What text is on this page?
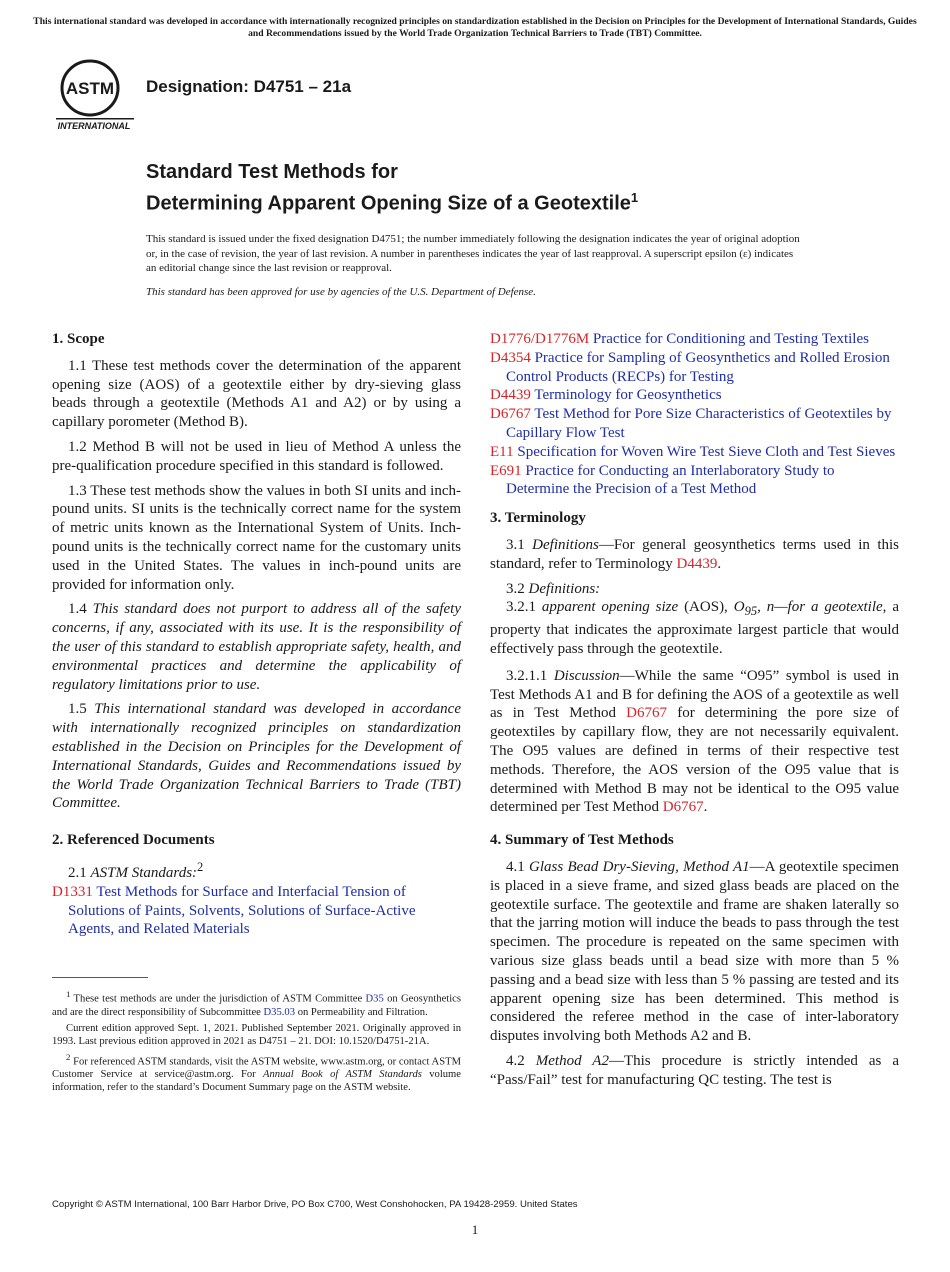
This international standard was developed in accordance with internationally recognized principles on standardization established in the Decision on Principles for the Development of International Standards, Guides and Recommendations issued by the World Trade Organization Technical Barriers to Trade (TBT) Committee.
ASTM
INTERNATIONAL
Designation: D4751 – 21a
Standard Test Methods for
Determining Apparent Opening Size of a Geotextile$^1$
This standard is issued under the fixed designation D4751; the number immediately following the designation indicates the year of original adoption or, in the case of revision, the year of last revision. A number in parentheses indicates the year of last reapproval. A superscript epsilon (ε) indicates an editorial change since the last revision or reapproval.
This standard has been approved for use by agencies of the U.S. Department of Defense.
1. Scope

1.1 These test methods cover the determination of the apparent opening size (AOS) of a geotextile either by dry-sieving glass beads through a geotextile (Methods A1 and A2) or by using a capillary porometer (Method B).

1.2 Method B will not be used in lieu of Method A unless the pre-qualification procedure specified in this standard is followed.

1.3 These test methods show the values in both SI units and inch-pound units. SI units is the technically correct name for the system of metric units known as the International System of Units. Inch-pound units is the technically correct name for the customary units used in the United States. The values in inch-pound units are provided for information only.

1.4 This standard does not purport to address all of the safety concerns, if any, associated with its use. It is the responsibility of the user of this standard to establish appropriate safety, health, and environmental practices and determine the applicability of regulatory limitations prior to use.

1.5 This international standard was developed in accordance with internationally recognized principles on standardization established in the Decision on Principles for the Development of International Standards, Guides and Recommendations issued by the World Trade Organization Technical Barriers to Trade (TBT) Committee.

2. Referenced Documents

2.1 ASTM Standards:$^2$

D1331 Test Methods for Surface and Interfacial Tension of Solutions of Paints, Solvents, Solutions of Surface-Active Agents, and Related Materials

$^1$ These test methods are under the jurisdiction of ASTM Committee D35 on Geosynthetics and are the direct responsibility of Subcommittee D35.03 on Permeability and Filtration.

Current edition approved Sept. 1, 2021. Published September 2021. Originally approved in 1993. Last previous edition approved in 2021 as D4751 – 21. DOI: 10.1520/D4751-21A.

$^2$ For referenced ASTM standards, visit the ASTM website, www.astm.org, or contact ASTM Customer Service at service@astm.org. For Annual Book of ASTM Standards volume information, refer to the standard’s Document Summary page on the ASTM website.

D1776/D1776M Practice for Conditioning and Testing Textiles
D4354 Practice for Sampling of Geosynthetics and Rolled Erosion Control Products (RECPs) for Testing
D4439 Terminology for Geosynthetics
D6767 Test Method for Pore Size Characteristics of Geotextiles by Capillary Flow Test
E11 Specification for Woven Wire Test Sieve Cloth and Test Sieves
E691 Practice for Conducting an Interlaboratory Study to Determine the Precision of a Test Method
3. Terminology

3.1 Definitions—For general geosynthetics terms used in this standard, refer to Terminology D4439.

3.2 Definitions:

3.2.1 apparent opening size (AOS), $O_{95}$, n—for a geotextile, a property that indicates the approximate largest particle that would effectively pass through the geotextile.

3.2.1.1 Discussion—While the same “O95” symbol is used in Test Methods A1 and B for defining the AOS of a geotextile as well as in Test Method D6767 for determining the pore size of geotextiles by capillary flow, they are not necessarily equivalent. The O95 values are defined in terms of their respective test methods. Therefore, the AOS version of the O95 value that is determined with Method B may not be identical to the O95 value determined per Test Method D6767.

4. Summary of Test Methods

4.1 Glass Bead Dry-Sieving, Method A1—A geotextile specimen is placed in a sieve frame, and sized glass beads are placed on the geotextile surface. The geotextile and frame are shaken laterally so that the jarring motion will induce the beads to pass through the test specimen. The procedure is repeated on the same specimen with various size glass beads until a bead size with more than 5 % passing and a bead size with less than 5 % passing are tested and its apparent opening size has been determined. This method is considered the referee method in the case of inter-laboratory disputes involving both Methods A2 and B.

4.2 Method A2—This procedure is strictly intended as a “Pass/Fail” test for manufacturing QC testing. The test is

Copyright © ASTM International, 100 Barr Harbor Drive, PO Box C700, West Conshohocken, PA 19428-2959. United States
1
